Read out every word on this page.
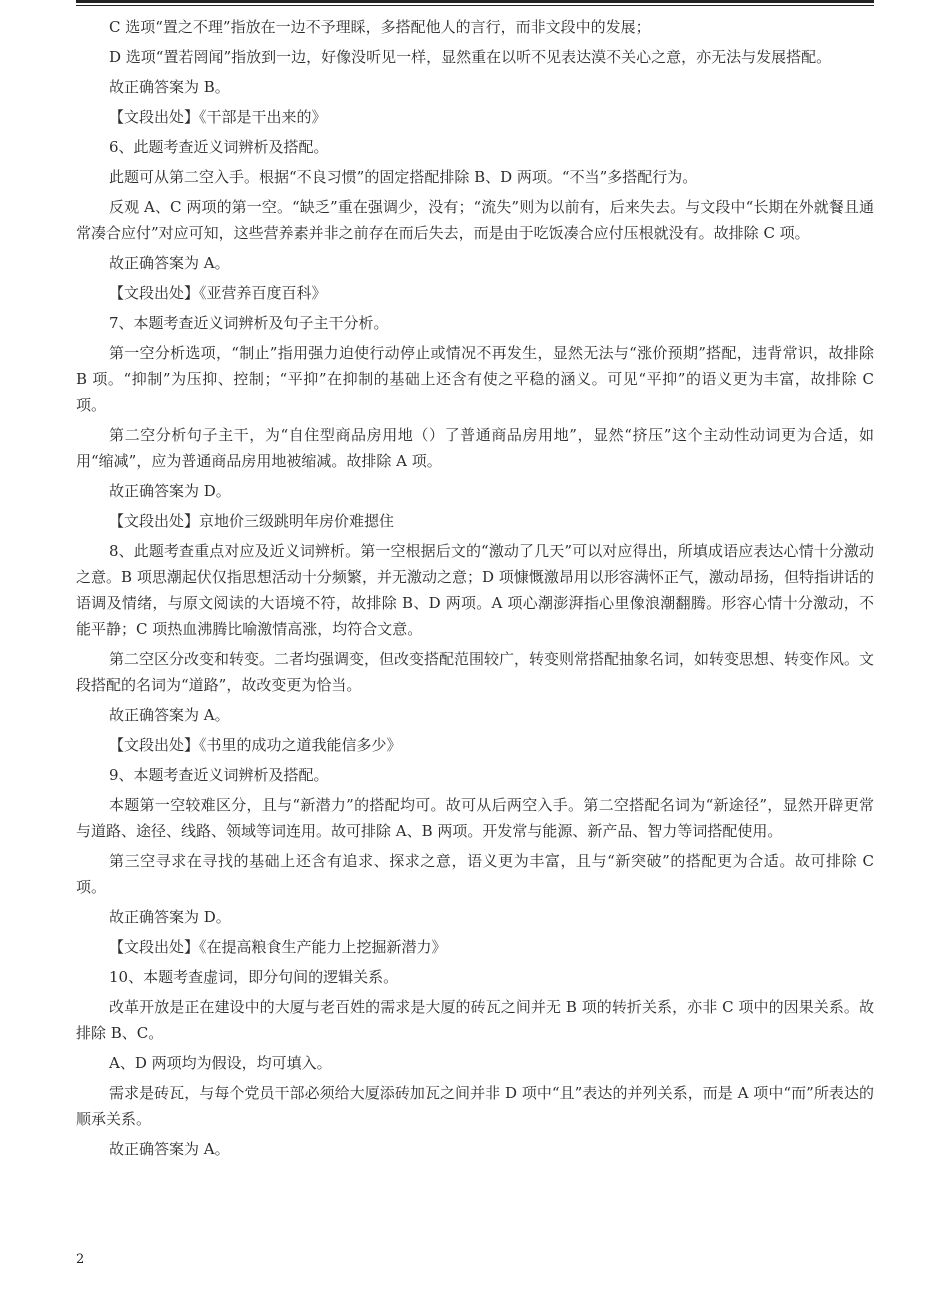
C 选项“置之不理”指放在一边不予理睬，多搭配他人的言行，而非文段中的发展；

D 选项“置若罔闻”指放到一边，好像没听见一样，显然重在以听不见表达漠不关心之意，亦无法与发展搭配。

故正确答案为 B。

【文段出处】《干部是干出来的》

6、此题考查近义词辨析及搭配。

此题可从第二空入手。根据“不良习惯”的固定搭配排除 B、D 两项。“不当”多搭配行为。

反观 A、C 两项的第一空。“缺乏”重在强调少，没有；“流失”则为以前有，后来失去。与文段中“长期在外就餐且通常凑合应付”对应可知，这些营养素并非之前存在而后失去，而是由于吃饭凑合应付压根就没有。故排除 C 项。

故正确答案为 A。

【文段出处】《亚营养百度百科》

7、本题考查近义词辨析及句子主干分析。

第一空分析选项，“制止”指用强力迫使行动停止或情况不再发生，显然无法与“涨价预期”搭配，违背常识，故排除 B 项。“抑制”为压抑、控制；“平抑”在抑制的基础上还含有使之平稳的涵义。可见“平抑”的语义更为丰富，故排除 C 项。

第二空分析句子主干，为“自住型商品房用地（）了普通商品房用地”，显然“挤压”这个主动性动词更为合适，如用“缩减”，应为普通商品房用地被缩减。故排除 A 项。

故正确答案为 D。

【文段出处】京地价三级跳明年房价难摁住

8、此题考查重点对应及近义词辨析。第一空根据后文的“激动了几天”可以对应得出，所填成语应表达心情十分激动之意。B 项思潮起伏仅指思想活动十分频繁，并无激动之意；D 项慷慨激昂用以形容满怀正气，激动昂扬，但特指讲话的语调及情绪，与原文阅读的大语境不符，故排除 B、D 两项。A 项心潮澎湃指心里像浪潮翻腾。形容心情十分激动，不能平静；C 项热血沸腾比喻激情高涨，均符合文意。

第二空区分改变和转变。二者均强调变，但改变搭配范围较广，转变则常搭配抽象名词，如转变思想、转变作风。文段搭配的名词为“道路”，故改变更为恰当。

故正确答案为 A。

【文段出处】《书里的成功之道我能信多少》

9、本题考查近义词辨析及搭配。

本题第一空较难区分，且与“新潜力”的搭配均可。故可从后两空入手。第二空搭配名词为“新途径”，显然开辟更常与道路、途径、线路、领域等词连用。故可排除 A、B 两项。开发常与能源、新产品、智力等词搭配使用。

第三空寻求在寻找的基础上还含有追求、探求之意，语义更为丰富，且与“新突破”的搭配更为合适。故可排除 C 项。

故正确答案为 D。

【文段出处】《在提高粮食生产能力上挖掘新潜力》

10、本题考查虚词，即分句间的逻辑关系。

改革开放是正在建设中的大厦与老百姓的需求是大厦的砖瓦之间并无 B 项的转折关系，亦非 C 项中的因果关系。故排除 B、C。

A、D 两项均为假设，均可填入。

需求是砖瓦，与每个党员干部必须给大厦添砖加瓦之间并非 D 项中“且”表达的并列关系，而是 A 项中“而”所表达的顺承关系。

故正确答案为 A。

2
